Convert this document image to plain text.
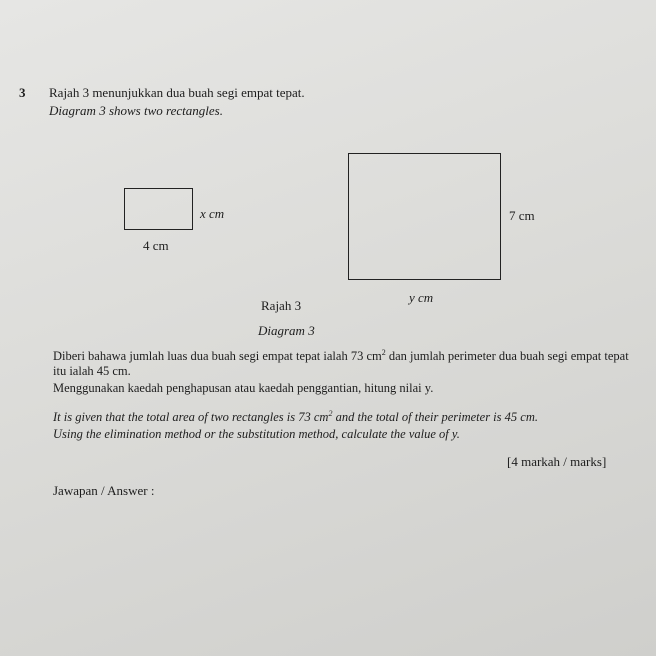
3 Rajah 3 menunjukkan dua buah segi empat tepat.
Diagram 3 shows two rectangles.
x cm
4 cm
7 cm
y cm
Rajah 3
Diagram 3
Diberi bahawa jumlah luas dua buah segi empat tepat ialah 73 $cm^2$ dan jumlah perimeter dua buah segi empat tepat itu ialah 45 cm.
Menggunakan kaedah penghapusan atau kaedah penggantian, hitung nilai y.
It is given that the total area of two rectangles is 73 $cm^2$ and the total of their perimeter is 45 cm.
Using the elimination method or the substitution method, calculate the value of y.
[4 markah / marks]
Jawapan / Answer :
